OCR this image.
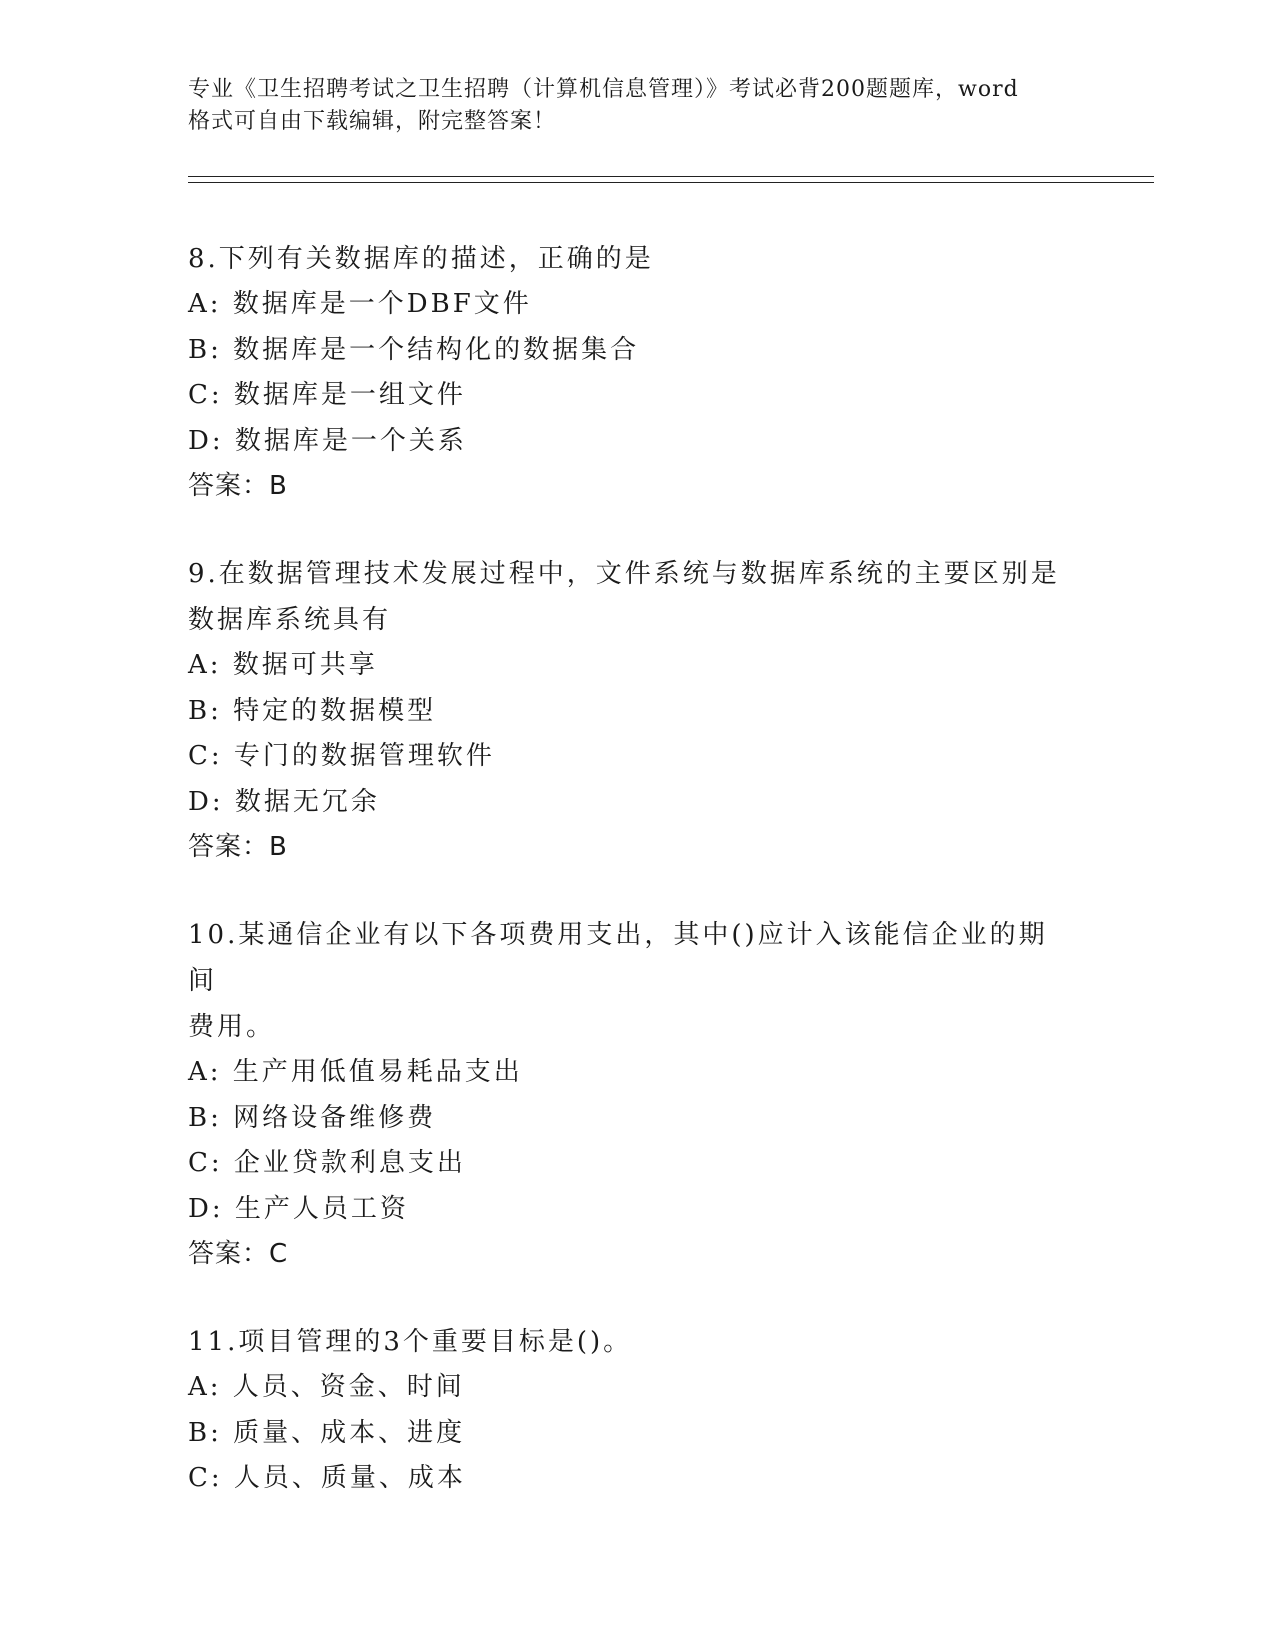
专业《卫生招聘考试之卫生招聘（计算机信息管理）》考试必背200题题库，word
格式可自由下载编辑，附完整答案！
8.下列有关数据库的描述，正确的是
A: 数据库是一个DBF文件
B: 数据库是一个结构化的数据集合
C: 数据库是一组文件
D: 数据库是一个关系
答案：B
9.在数据管理技术发展过程中，文件系统与数据库系统的主要区别是
数据库系统具有
A: 数据可共享
B: 特定的数据模型
C: 专门的数据管理软件
D: 数据无冗余
答案：B
10.某通信企业有以下各项费用支出，其中()应计入该能信企业的期间
费用。
A: 生产用低值易耗品支出
B: 网络设备维修费
C: 企业贷款利息支出
D: 生产人员工资
答案：C
11.项目管理的3个重要目标是()。
A: 人员、资金、时间
B: 质量、成本、进度
C: 人员、质量、成本
